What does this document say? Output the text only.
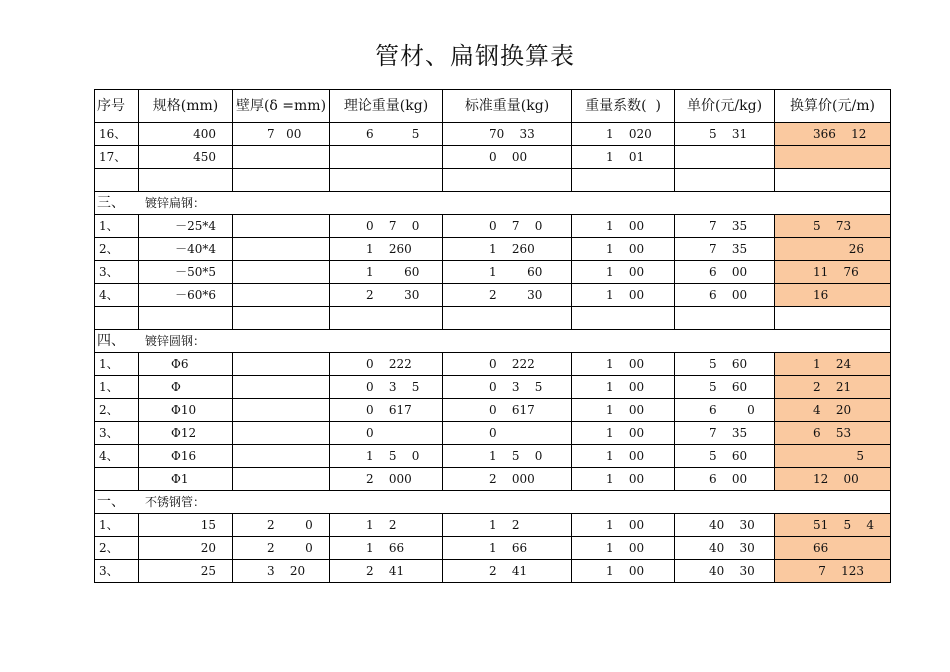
管材、扁钢换算表
序号	规格(mm)	壁厚(δ =mm)	理论重量(kg)	标准重量(kg)	重量系数(  )	单价(元/kg)	换算价(元/m)
16、	400	7   00	6          5	70    33	1    020	5    31	366    12
17、	450			0    00	1    01		

三、 镀锌扁钢：							
1、	－25*4		0    7    0	0    7    0	1    00	7    35	5    73
2、	－40*4		1    260	1    260	1    00	7    35	26
3、	－50*5		1        60	1        60	1    00	6    00	11    76
4、	－60*6		2        30	2        30	1    00	6    00	16

四、 镀锌圆钢：							
1、	Φ6		0    222	0    222	1    00	5    60	1    24
1、	Φ		0    3    5	0    3    5	1    00	5    60	2    21
2、	Φ10		0    617	0    617	1    00	6        0	4    20
3、	Φ12		0	0	1    00	7    35	6    53
4、	Φ16		1    5    0	1    5    0	1    00	5    60	5
	Φ1		2    000	2    000	1    00	6    00	12    00
一、 不锈钢管：							
1、	15	2        0	1    2	1    2	1    00	40    30	51    5    4
2、	20	2        0	1    66	1    66	1    00	40    30	66
3、	25	3    20	2    41	2    41	1    00	40    30	7    123
